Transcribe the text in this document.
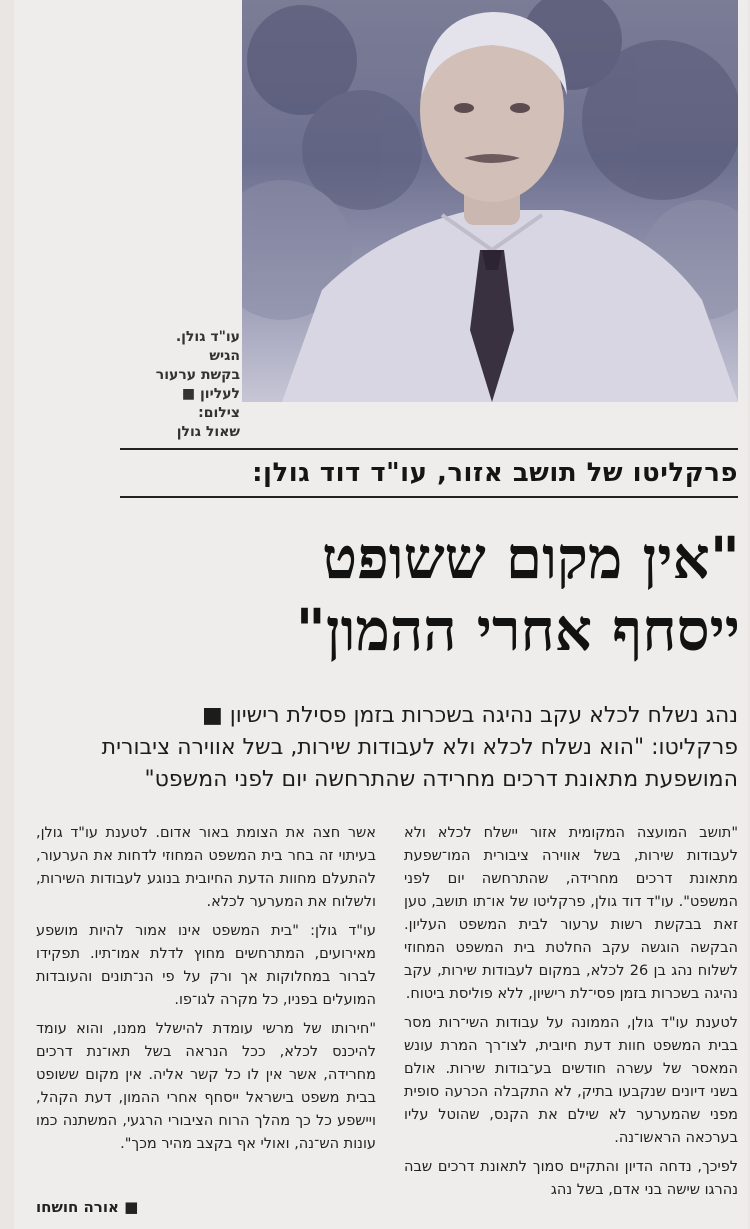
עו"ד גולן. הגיש
בקשת ערעור
לעליון ■ צילום:
שאול גולן
פרקליטו של תושב אזור, עו"ד דוד גולן:
"אין מקום ששופט
ייסחף אחרי ההמון"
נהג נשלח לכלא עקב נהיגה בשכרות בזמן פסילת רישיון ■
פרקליטו: "הוא נשלח לכלא ולא לעבודות שירות, בשל אווירה ציבורית
המושפעת מתאונת דרכים מחרידה שהתרחשה יום לפני המשפט"

"תושב המועצה המקומית אזור יישלח לכלא ולא לעבודות שירות, בשל אווירה ציבורית המו־שפעת מתאונת דרכים מחרידה, שהתרחשה יום לפני המשפט". עו"ד דוד גולן, פרקליטו של או־תו תושב, טען זאת בבקשת רשות ערעור לבית המשפט העליון. הבקשה הוגשה עקב החלטת בית המשפט המחוזי לשלוח נהג בן 26 לכלא, במקום לעבודות שירות, עקב נהיגה בשכרות בזמן פסי־לת רישיון, ללא פוליסת ביטוח.

לטענת עו"ד גולן, הממונה על עבודות השי־רות מסר בבית המשפט חוות דעת חיובית, לצו־רך המרת עונש המאסר של עשרה חודשים בע־בודות שירות. אולם בשני דיונים שנקבעו בתיק, לא התקבלה הכרעה סופית מפני שהמערער לא שילם את הקנס, שהוטל עליו בערכאה הראשו־נה.

לפיכך, נדחה הדיון והתקיים סמוך לתאונת דרכים שבה נהרגו שישה בני אדם, בשל נהג

אשר חצה את הצומת באור אדום. לטענת עו"ד גולן, בעיתוי זה בחר בית המשפט המחוזי לדחות את הערעור, להתעלם מחוות הדעת החיובית בנוגע לעבודות השירות, ולשלוח את המערער לכלא.

עו"ד גולן: "בית המשפט אינו אמור להיות מושפע מאירועים, המתרחשים מחוץ לדלת אמו־תיו. תפקידו לברור במחלוקות אך ורק על פי הנ־תונים והעובדות המועלים בפניו, כל מקרה לגו־פו.

"חירותו של מרשי עומדת להישלל ממנו, והוא עומד להיכנס לכלא, ככל הנראה בשל תאו־נת דרכים מחרידה, אשר אין לו כל קשר אליה. אין מקום ששופט בבית משפט בישראל ייסחף אחרי ההמון, דעת הקהל, ויישפע כל כך מהלך הרוח הציבורי הרגעי, המשתנה כמו עונות הש־נה, ואולי אף בקצב מהיר מכך".

■ אורה חושחו
